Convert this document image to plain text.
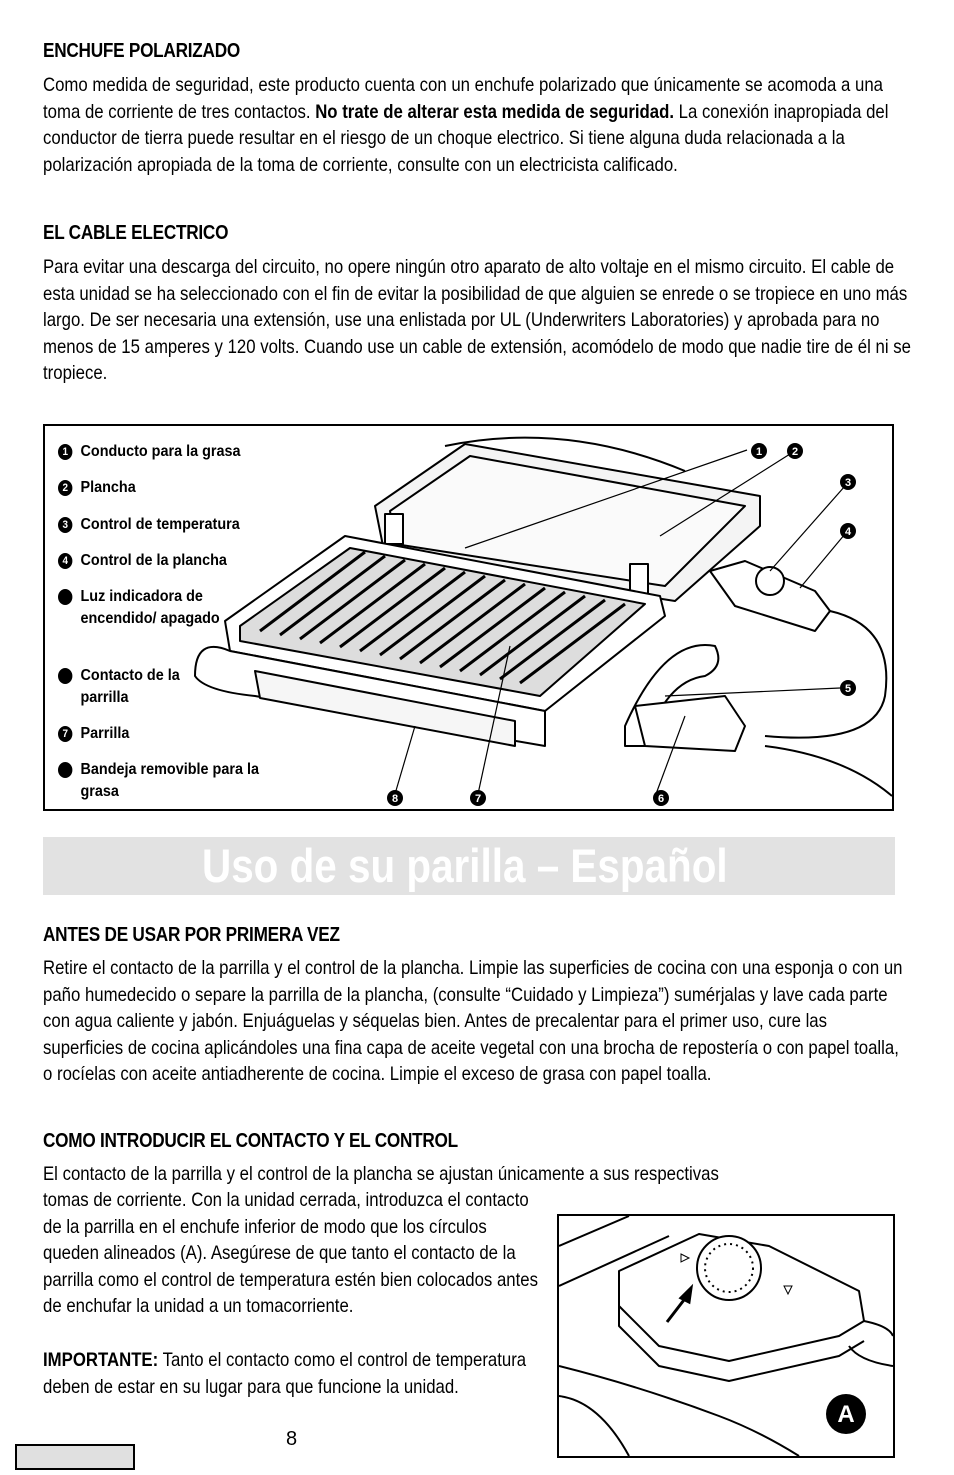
ENCHUFE POLARIZADO
Como medida de seguridad, este producto cuenta con un enchufe polarizado que únicamente se acomoda a una toma de corriente de tres contactos. No trate de alterar esta medida de seguridad. La conexión inapropiada del conductor de tierra puede resultar en el riesgo de un choque electrico. Si tiene alguna duda relacionada a la polarización apropiada de la toma de corriente, consulte con un electricista calificado.
EL CABLE ELECTRICO
Para evitar una descarga del circuito, no opere ningún otro aparato de alto voltaje en el mismo circuito. El cable de esta unidad se ha seleccionado con el fin de evitar la posibilidad de que alguien se enrede o se tropiece en uno más largo. De ser necesaria una extensión, use una enlistada por UL (Underwriters Laboratories) y aprobada para no menos de 15 amperes y 120 volts. Cuando use un cable de extensión, acomódelo de modo que nadie tire de él ni se tropiece.
1	2
3
4
5
6
7
8
1 Conducto para la grasa
2 Plancha
3 Control de temperatura
4 Control de la plancha
5 Luz indicadora de encendido/ apagado
6 Contacto de la parrilla
7 Parrilla
8 Bandeja removible para la grasa
Uso de su parilla – Español
ANTES DE USAR POR PRIMERA VEZ
Retire el contacto de la parrilla y el control de la plancha. Limpie las superficies de cocina con una esponja o con un paño humedecido o separe la parrilla de la plancha, (consulte “Cuidado y Limpieza”) sumérjalas y lave cada parte con agua caliente y jabón. Enjuáguelas y séquelas bien. Antes de precalentar para el primer uso, cure las superficies de cocina aplicándoles una fina capa de aceite vegetal con una brocha de repostería o con papel toalla, o rocíelas con aceite antiadherente de cocina. Limpie el exceso de grasa con papel toalla.
COMO INTRODUCIR EL CONTACTO Y EL CONTROL
El contacto de la parrilla y el control de la plancha se ajustan únicamente a sus respectivas
tomas de corriente. Con la unidad cerrada, introduzca el contacto de la parrilla en el enchufe inferior de modo que los círculos queden alineados (A). Asegúrese de que tanto el contacto de la parrilla como el control de temperatura estén bien colocados antes de enchufar la unidad a un tomacorriente.
IMPORTANTE: Tanto el contacto como el control de temperatura deben de estar en su lugar para que funcione la unidad.
A
8
